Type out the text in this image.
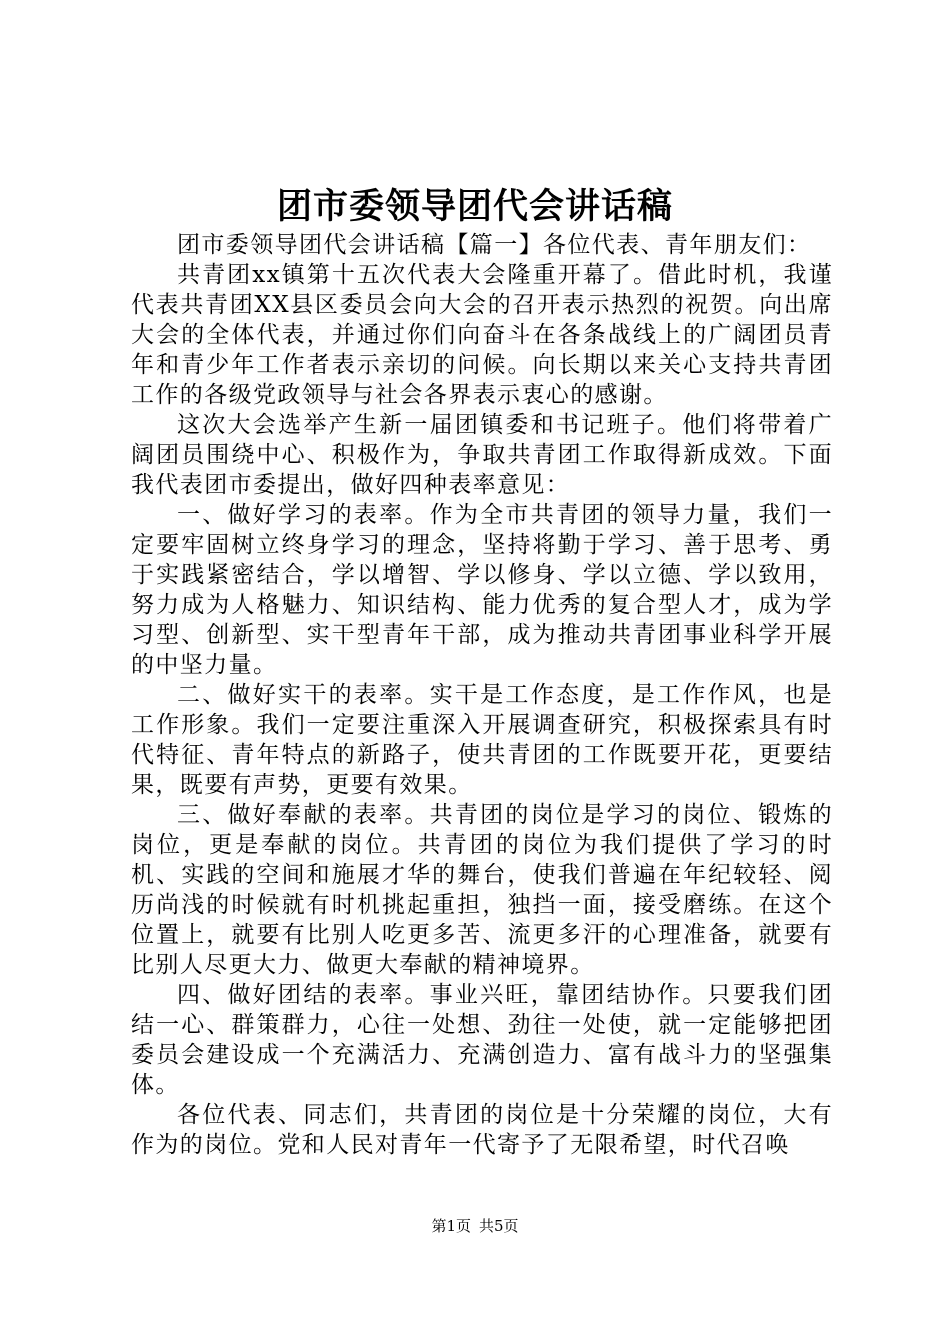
团市委领导团代会讲话稿

团市委领导团代会讲话稿【篇一】各位代表、青年朋友们：

共青团xx镇第十五次代表大会隆重开幕了。借此时机，我谨代表共青团XX县区委员会向大会的召开表示热烈的祝贺。向出席大会的全体代表，并通过你们向奋斗在各条战线上的广阔团员青年和青少年工作者表示亲切的问候。向长期以来关心支持共青团工作的各级党政领导与社会各界表示衷心的感谢。

这次大会选举产生新一届团镇委和书记班子。他们将带着广阔团员围绕中心、积极作为，争取共青团工作取得新成效。下面我代表团市委提出，做好四种表率意见：

一、做好学习的表率。作为全市共青团的领导力量，我们一定要牢固树立终身学习的理念，坚持将勤于学习、善于思考、勇于实践紧密结合，学以增智、学以修身、学以立德、学以致用，努力成为人格魅力、知识结构、能力优秀的复合型人才，成为学习型、创新型、实干型青年干部，成为推动共青团事业科学开展的中坚力量。

二、做好实干的表率。实干是工作态度，是工作作风，也是工作形象。我们一定要注重深入开展调查研究，积极探索具有时代特征、青年特点的新路子，使共青团的工作既要开花，更要结果，既要有声势，更要有效果。

三、做好奉献的表率。共青团的岗位是学习的岗位、锻炼的岗位，更是奉献的岗位。共青团的岗位为我们提供了学习的时机、实践的空间和施展才华的舞台，使我们普遍在年纪较轻、阅历尚浅的时候就有时机挑起重担，独挡一面，接受磨练。在这个位置上，就要有比别人吃更多苦、流更多汗的心理准备，就要有比别人尽更大力、做更大奉献的精神境界。

四、做好团结的表率。事业兴旺，靠团结协作。只要我们团结一心、群策群力，心往一处想、劲往一处使，就一定能够把团委员会建设成一个充满活力、充满创造力、富有战斗力的坚强集体。

各位代表、同志们，共青团的岗位是十分荣耀的岗位，大有作为的岗位。党和人民对青年一代寄予了无限希望，时代召唤

第1页 共5页
